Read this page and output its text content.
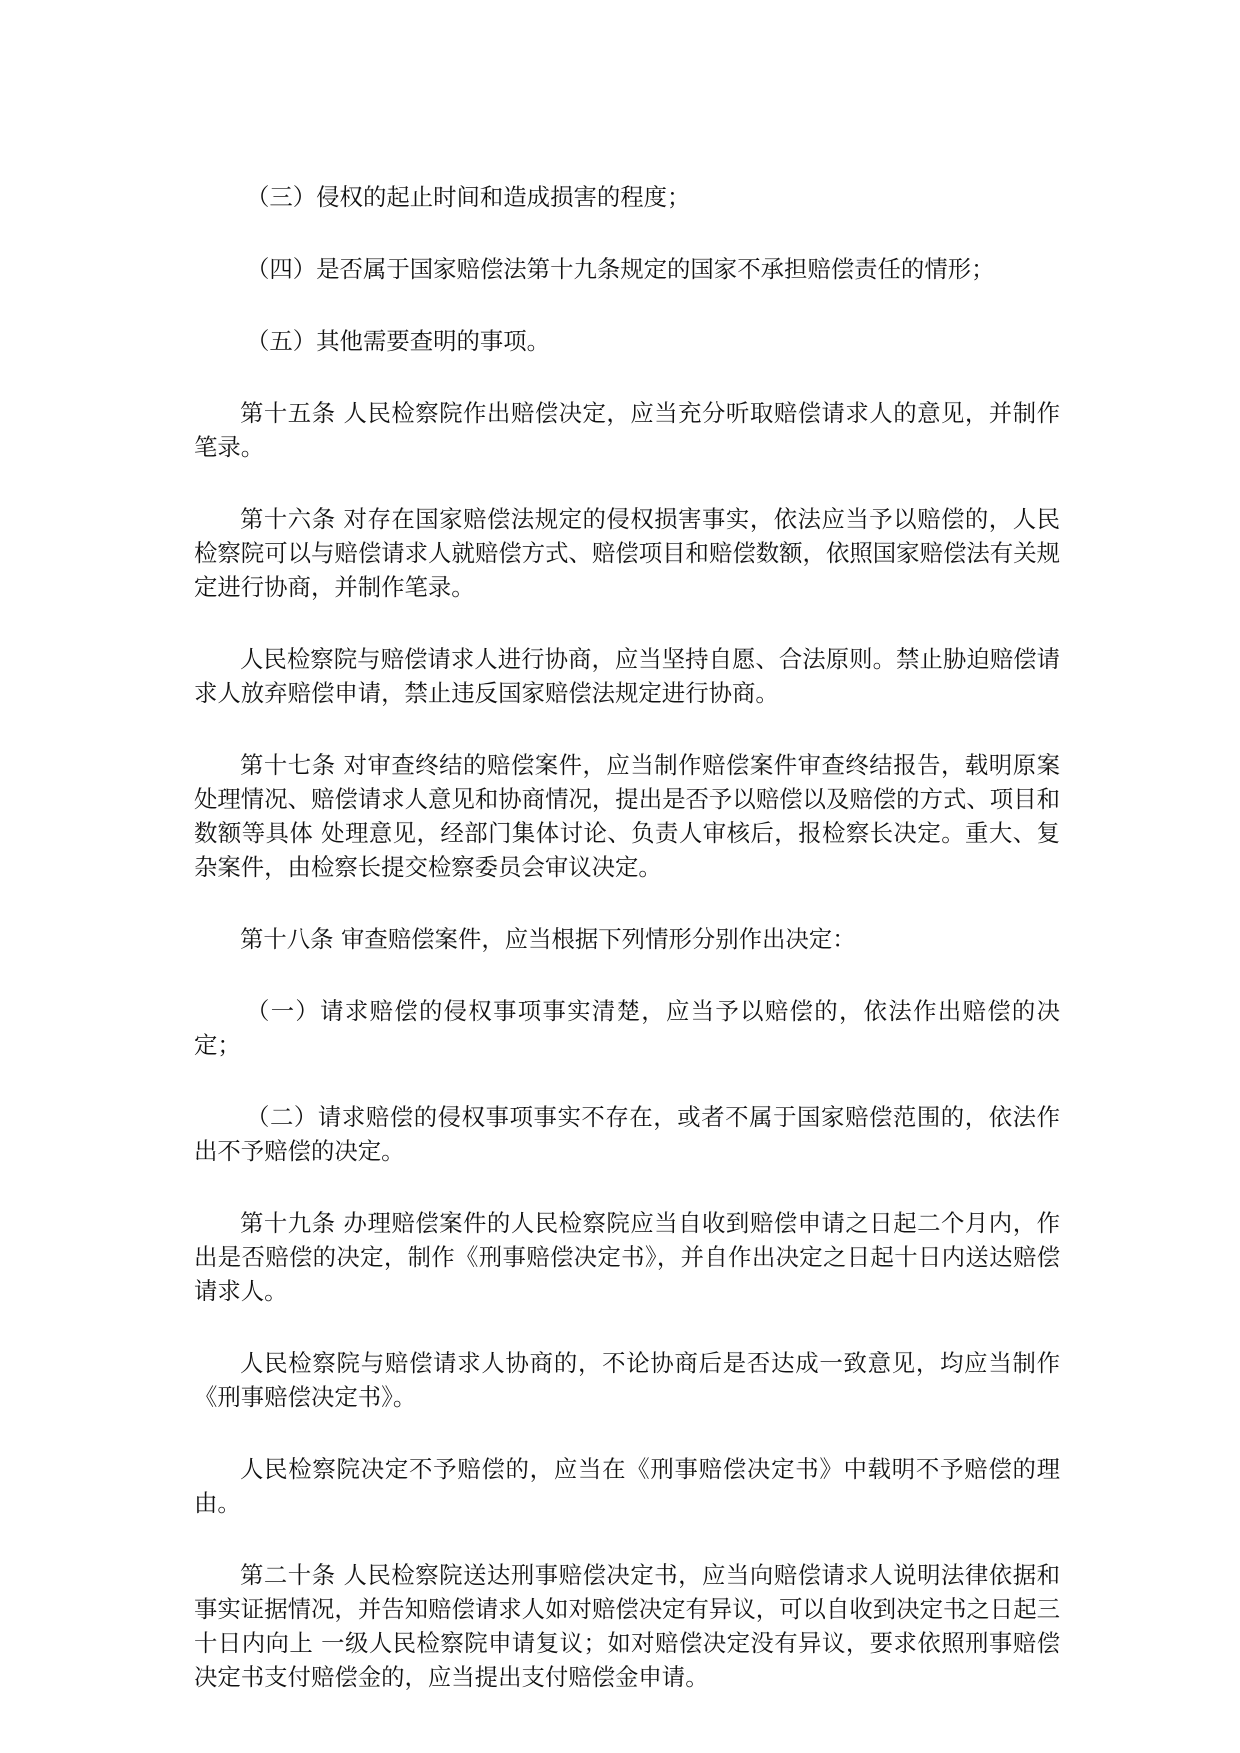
（三）侵权的起止时间和造成损害的程度；

（四）是否属于国家赔偿法第十九条规定的国家不承担赔偿责任的情形；

（五）其他需要查明的事项。

第十五条 人民检察院作出赔偿决定，应当充分听取赔偿请求人的意见，并制作笔录。

第十六条 对存在国家赔偿法规定的侵权损害事实，依法应当予以赔偿的，人民检察院可以与赔偿请求人就赔偿方式、赔偿项目和赔偿数额，依照国家赔偿法有关规定进行协商，并制作笔录。

人民检察院与赔偿请求人进行协商，应当坚持自愿、合法原则。禁止胁迫赔偿请求人放弃赔偿申请，禁止违反国家赔偿法规定进行协商。

第十七条 对审查终结的赔偿案件，应当制作赔偿案件审查终结报告，载明原案处理情况、赔偿请求人意见和协商情况，提出是否予以赔偿以及赔偿的方式、项目和数额等具体 处理意见，经部门集体讨论、负责人审核后，报检察长决定。重大、复杂案件，由检察长提交检察委员会审议决定。

第十八条 审查赔偿案件，应当根据下列情形分别作出决定：

（一）请求赔偿的侵权事项事实清楚，应当予以赔偿的，依法作出赔偿的决定；

（二）请求赔偿的侵权事项事实不存在，或者不属于国家赔偿范围的，依法作出不予赔偿的决定。

第十九条 办理赔偿案件的人民检察院应当自收到赔偿申请之日起二个月内，作出是否赔偿的决定，制作《刑事赔偿决定书》，并自作出决定之日起十日内送达赔偿请求人。

人民检察院与赔偿请求人协商的，不论协商后是否达成一致意见，均应当制作《刑事赔偿决定书》。

人民检察院决定不予赔偿的，应当在《刑事赔偿决定书》中载明不予赔偿的理由。

第二十条 人民检察院送达刑事赔偿决定书，应当向赔偿请求人说明法律依据和事实证据情况，并告知赔偿请求人如对赔偿决定有异议，可以自收到决定书之日起三十日内向上 一级人民检察院申请复议；如对赔偿决定没有异议，要求依照刑事赔偿决定书支付赔偿金的，应当提出支付赔偿金申请。
